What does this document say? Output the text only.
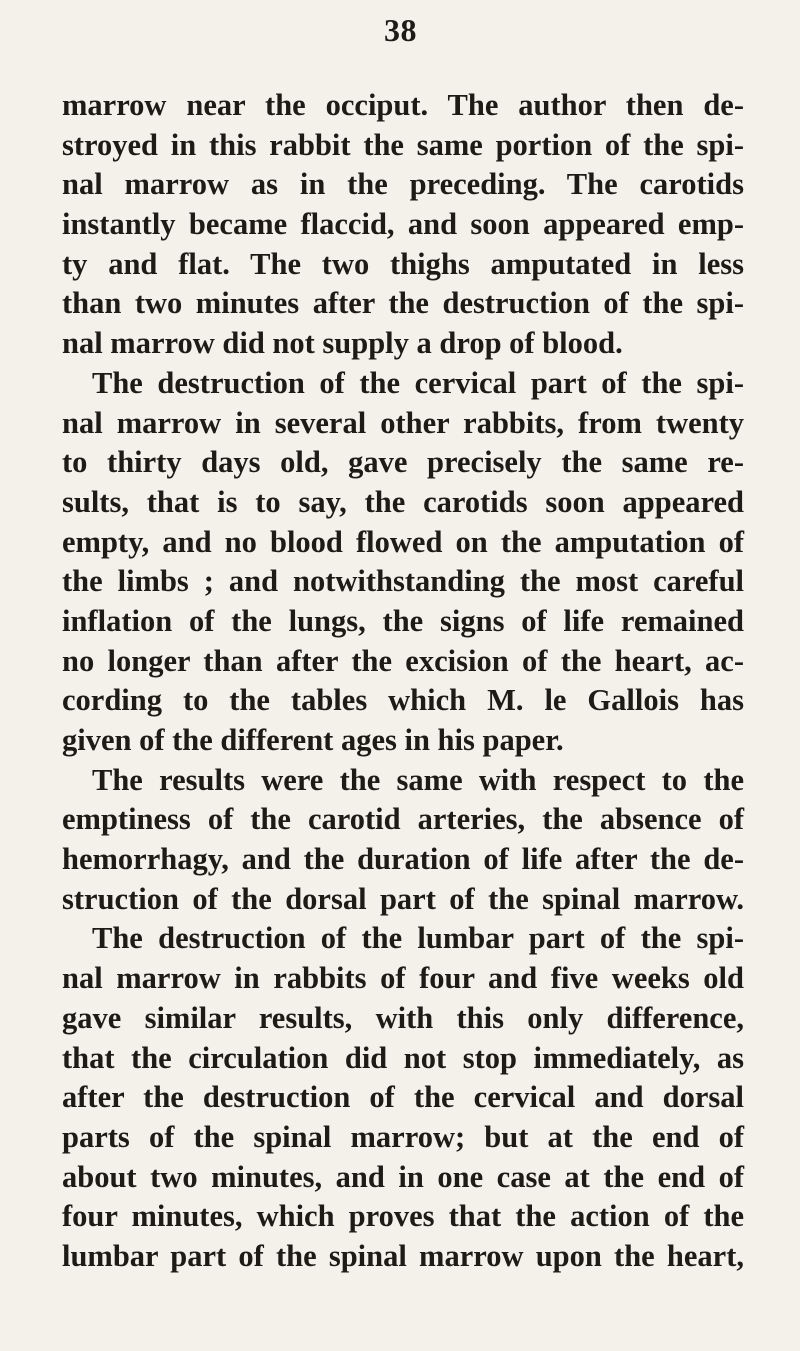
38
marrow near the occiput. The author then de-
stroyed in this rabbit the same portion of the spi-
nal marrow as in the preceding. The carotids
instantly became flaccid, and soon appeared emp-
ty and flat. The two thighs amputated in less
than two minutes after the destruction of the spi-
nal marrow did not supply a drop of blood.
The destruction of the cervical part of the spi-
nal marrow in several other rabbits, from twenty
to thirty days old, gave precisely the same re-
sults, that is to say, the carotids soon appeared
empty, and no blood flowed on the amputation of
the limbs ; and notwithstanding the most careful
inflation of the lungs, the signs of life remained
no longer than after the excision of the heart, ac-
cording to the tables which M. le Gallois has
given of the different ages in his paper.
The results were the same with respect to the
emptiness of the carotid arteries, the absence of
hemorrhagy, and the duration of life after the de-
struction of the dorsal part of the spinal marrow.
The destruction of the lumbar part of the spi-
nal marrow in rabbits of four and five weeks old
gave similar results, with this only difference,
that the circulation did not stop immediately, as
after the destruction of the cervical and dorsal
parts of the spinal marrow; but at the end of
about two minutes, and in one case at the end of
four minutes, which proves that the action of the
lumbar part of the spinal marrow upon the heart,
